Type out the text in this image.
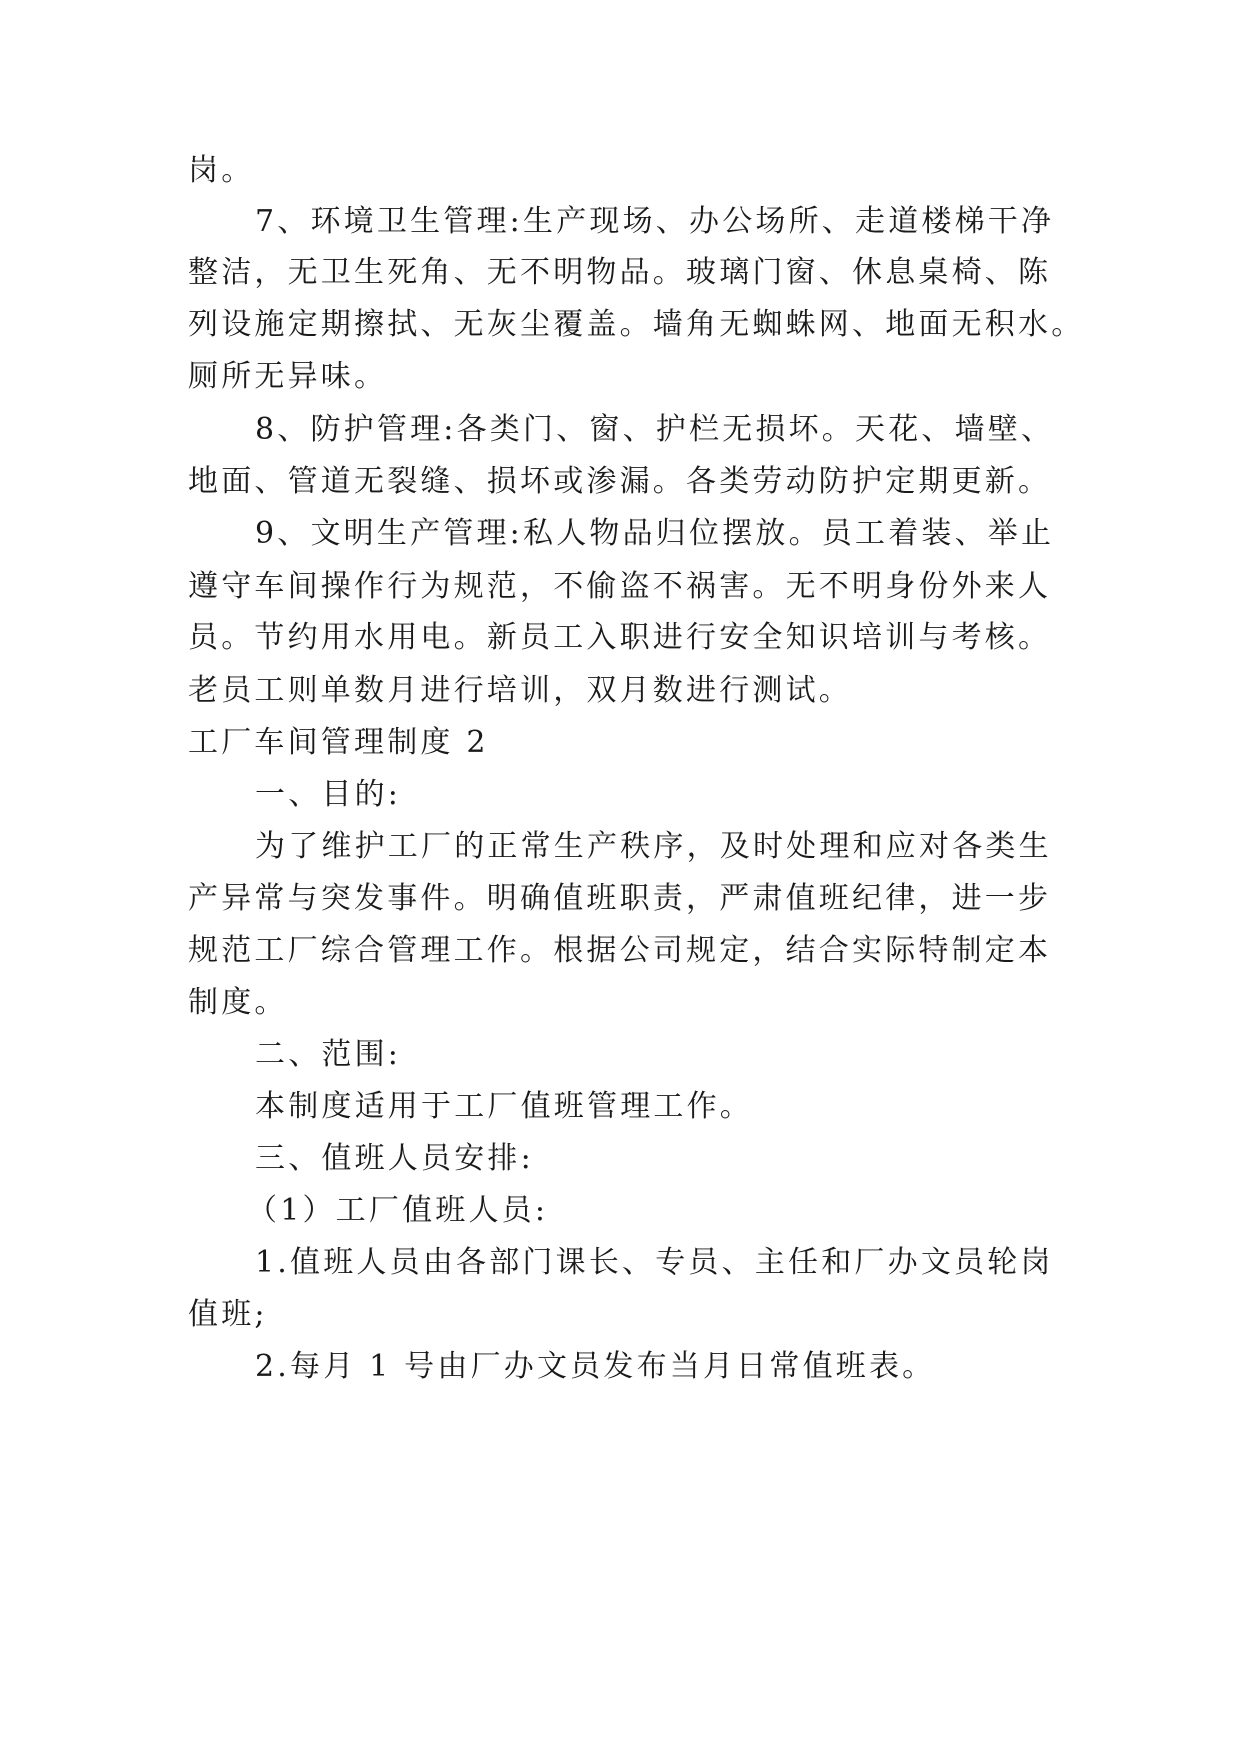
岗。
7、环境卫生管理:生产现场、办公场所、走道楼梯干净
整洁，无卫生死角、无不明物品。玻璃门窗、休息桌椅、陈
列设施定期擦拭、无灰尘覆盖。墙角无蜘蛛网、地面无积水。
厕所无异味。
8、防护管理:各类门、窗、护栏无损坏。天花、墙壁、
地面、管道无裂缝、损坏或渗漏。各类劳动防护定期更新。
9、文明生产管理:私人物品归位摆放。员工着装、举止
遵守车间操作行为规范，不偷盗不祸害。无不明身份外来人
员。节约用水用电。新员工入职进行安全知识培训与考核。
老员工则单数月进行培训，双月数进行测试。
工厂车间管理制度 2
一、目的:
为了维护工厂的正常生产秩序，及时处理和应对各类生
产异常与突发事件。明确值班职责，严肃值班纪律，进一步
规范工厂综合管理工作。根据公司规定，结合实际特制定本
制度。
二、范围:
本制度适用于工厂值班管理工作。
三、值班人员安排:
（1）工厂值班人员:
1.值班人员由各部门课长、专员、主任和厂办文员轮岗
值班;
2.每月 1 号由厂办文员发布当月日常值班表。
